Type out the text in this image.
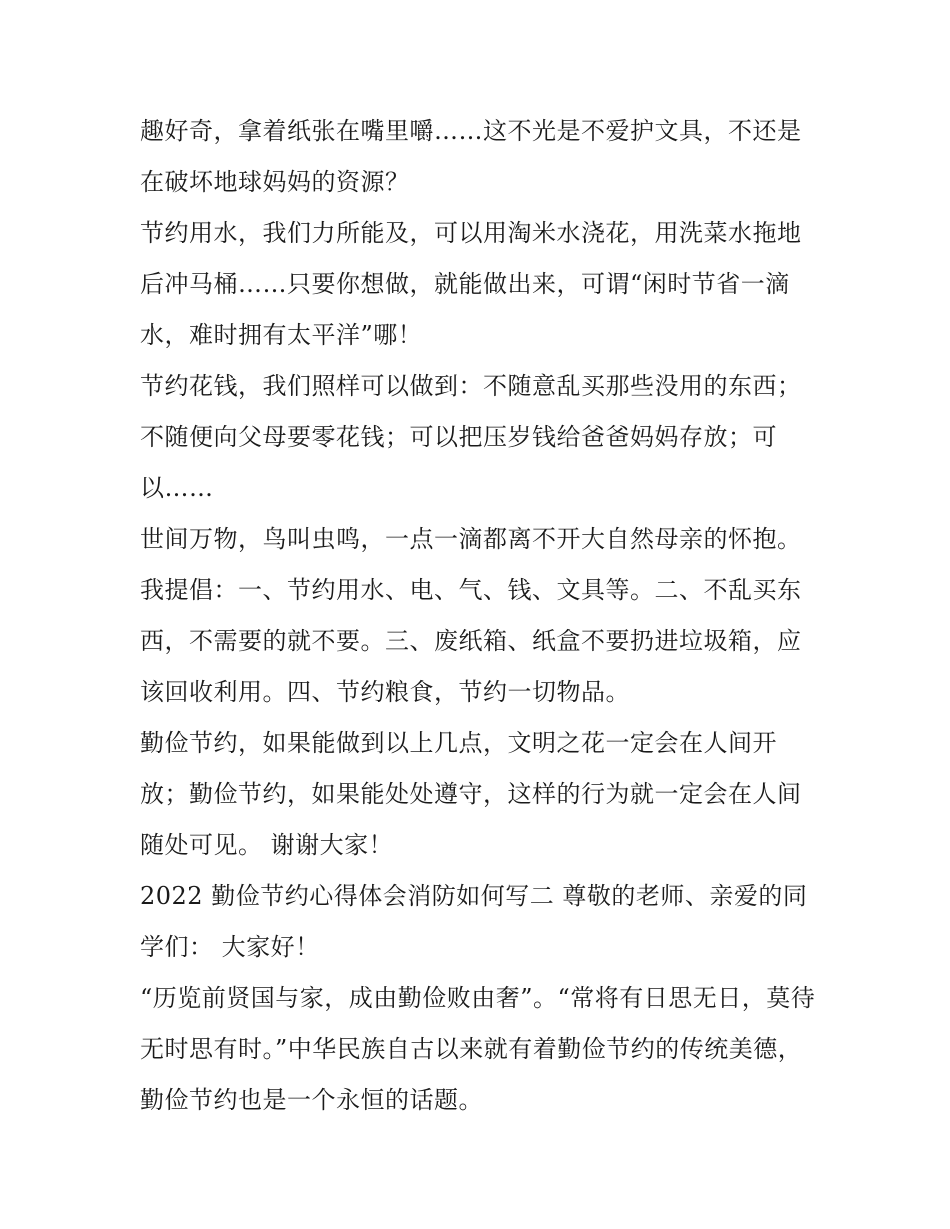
趣好奇，拿着纸张在嘴里嚼……这不光是不爱护文具，不还是在破坏地球妈妈的资源？

节约用水，我们力所能及，可以用淘米水浇花，用洗菜水拖地后冲马桶……只要你想做，就能做出来，可谓“闲时节省一滴水，难时拥有太平洋”哪！

节约花钱，我们照样可以做到：不随意乱买那些没用的东西；不随便向父母要零花钱；可以把压岁钱给爸爸妈妈存放；可以……

世间万物，鸟叫虫鸣，一点一滴都离不开大自然母亲的怀抱。我提倡：一、节约用水、电、气、钱、文具等。二、不乱买东西，不需要的就不要。三、废纸箱、纸盒不要扔进垃圾箱，应该回收利用。四、节约粮食，节约一切物品。

勤俭节约，如果能做到以上几点，文明之花一定会在人间开放；勤俭节约，如果能处处遵守，这样的行为就一定会在人间随处可见。 谢谢大家！

2022 勤俭节约心得体会消防如何写二 尊敬的老师、亲爱的同学们： 大家好！

“历览前贤国与家，成由勤俭败由奢”。“常将有日思无日，莫待无时思有时。”中华民族自古以来就有着勤俭节约的传统美德，勤俭节约也是一个永恒的话题。
